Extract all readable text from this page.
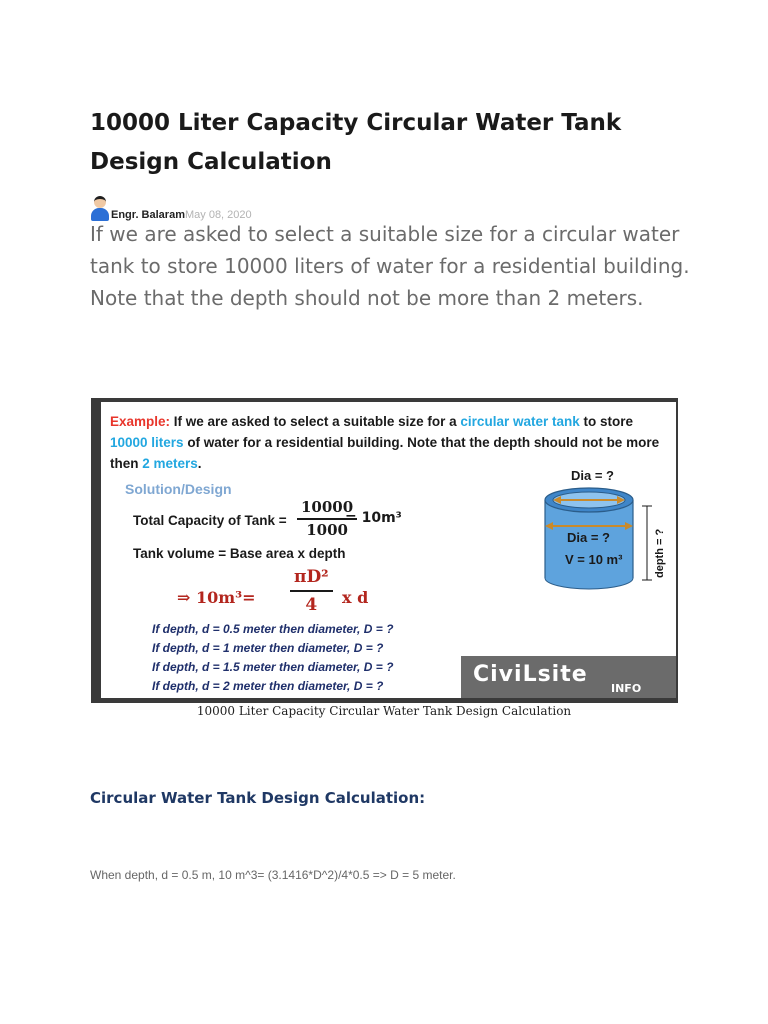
10000 Liter Capacity Circular Water Tank Design Calculation
Engr. Balaram May 08, 2020

If we are asked to select a suitable size for a circular water tank to store 10000 liters of water for a residential building. Note that the depth should not be more than 2 meters.

Example: If we are asked to select a suitable size for a circular water tank to store 10000 liters of water for a residential building. Note that the depth should not be more then 2 meters.
Solution/Design
Total Capacity of Tank = $\frac{10000}{1000}$
= 10m³
Tank volume = Base area x depth
⇒ $10m^3= \frac{\text{πD²}}{4}$ x d
If depth, d = 0.5 meter then diameter, D = ?
If depth, d = 1 meter then diameter, D = ?
If depth, d = 1.5 meter then diameter, D = ?
If depth, d = 2 meter then diameter, D = ?
Dia = ?
Dia = ?
V = 10 m³	depth = ?
CiviLsite
INFO
10000 Liter Capacity Circular Water Tank Design Calculation
Circular Water Tank Design Calculation:
When depth, d = 0.5 m, 10 m^3= (3.1416*D^2)/4*0.5 => D = 5 meter.
